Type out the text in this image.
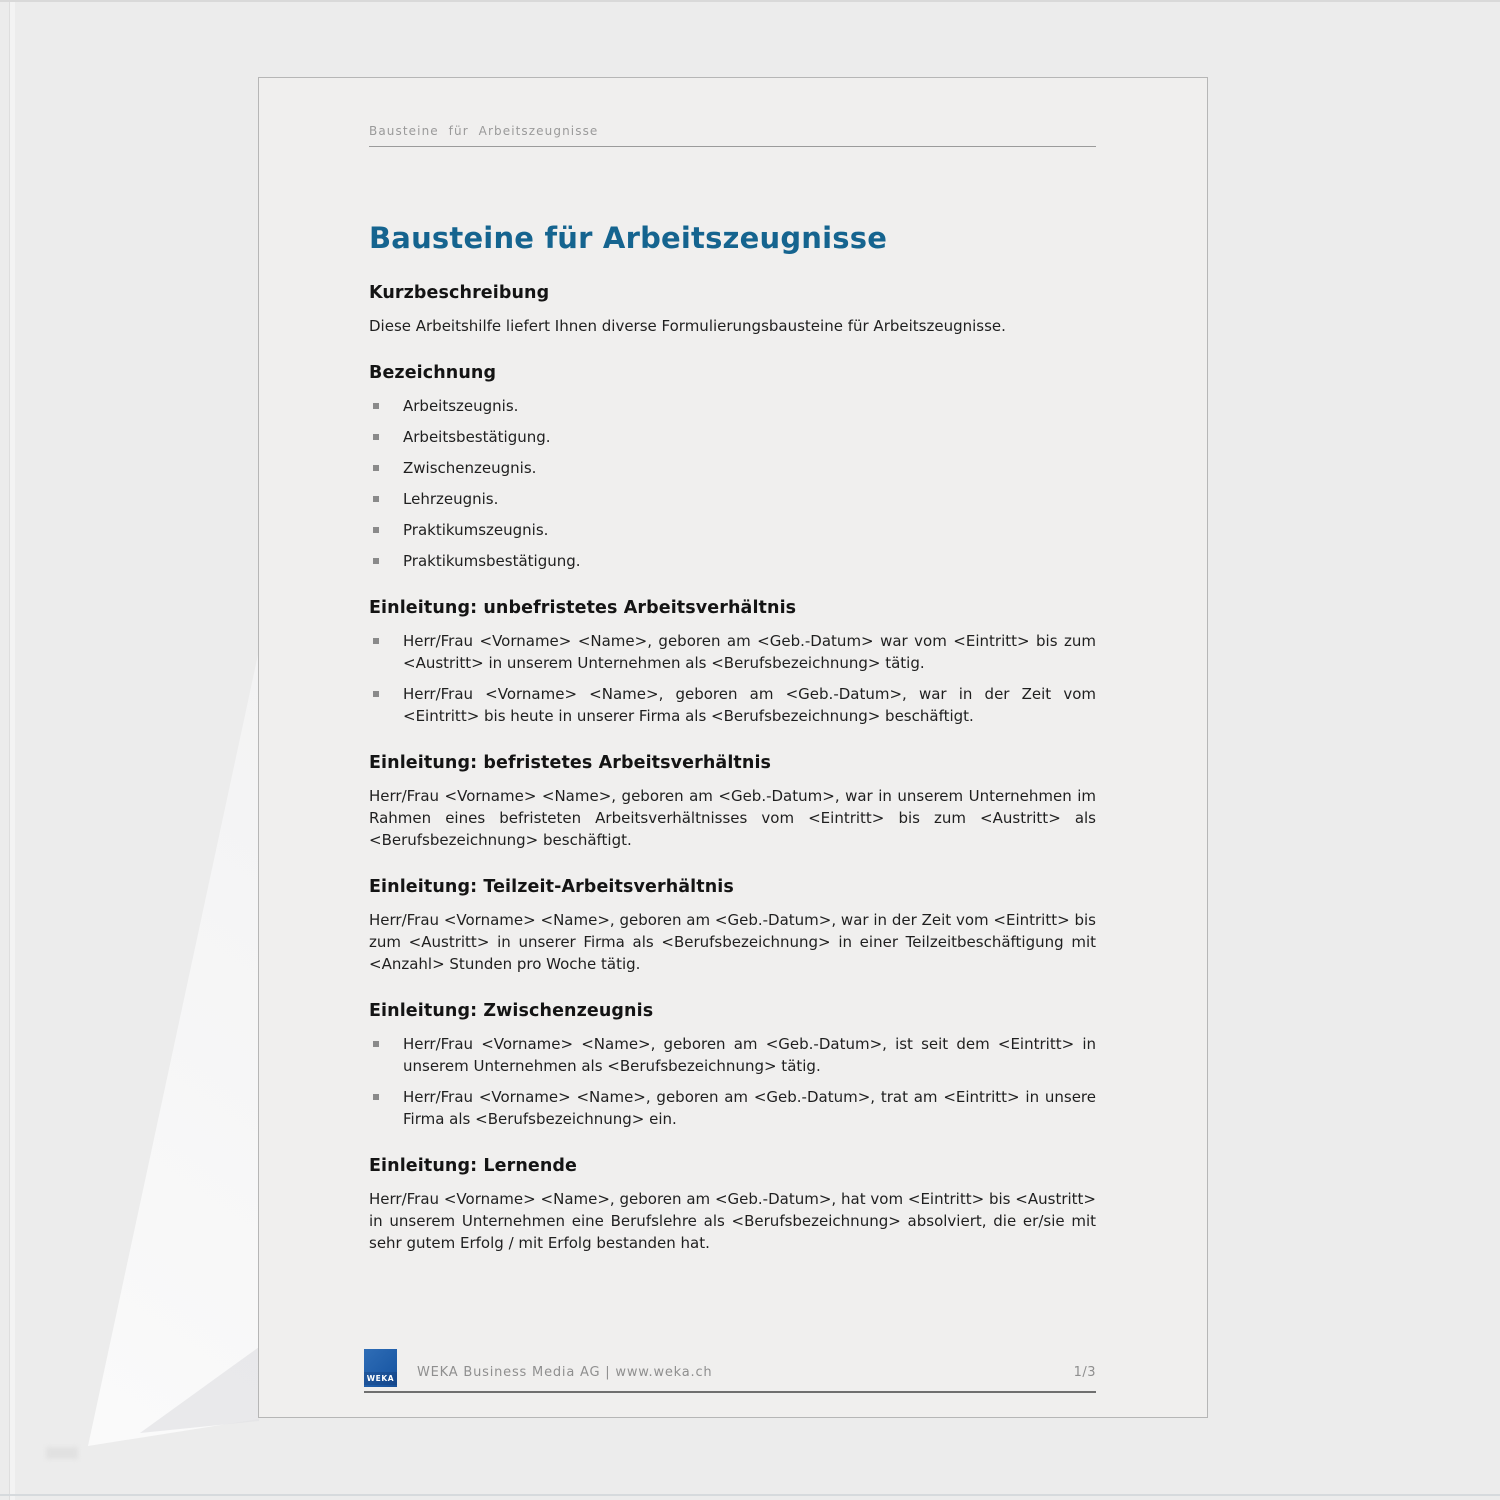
Bausteine für Arbeitszeugnisse
Bausteine für Arbeitszeugnisse
Kurzbeschreibung

Diese Arbeitshilfe liefert Ihnen diverse Formulierungsbausteine für Arbeitszeugnisse.

Bezeichnung
Arbeitszeugnis.
Arbeitsbestätigung.
Zwischenzeugnis.
Lehrzeugnis.
Praktikumszeugnis.
Praktikumsbestätigung.
Einleitung: unbefristetes Arbeitsverhältnis
Herr/Frau <Vorname> <Name>, geboren am <Geb.-Datum> war vom <Eintritt> bis zum <Austritt> in unserem Unternehmen als <Berufsbezeichnung> tätig.
Herr/Frau <Vorname> <Name>, geboren am <Geb.-Datum>, war in der Zeit vom <Eintritt> bis heute in unserer Firma als <Berufsbezeichnung> beschäftigt.
Einleitung: befristetes Arbeitsverhältnis

Herr/Frau <Vorname> <Name>, geboren am <Geb.-Datum>, war in unserem Unternehmen im Rahmen eines befristeten Arbeitsverhältnisses vom <Eintritt> bis zum <Austritt> als <Berufsbezeichnung> beschäftigt.

Einleitung: Teilzeit-Arbeitsverhältnis

Herr/Frau <Vorname> <Name>, geboren am <Geb.-Datum>, war in der Zeit vom <Eintritt> bis zum <Austritt> in unserer Firma als <Berufsbezeichnung> in einer Teilzeitbeschäftigung mit <Anzahl> Stunden pro Woche tätig.

Einleitung: Zwischenzeugnis
Herr/Frau <Vorname> <Name>, geboren am <Geb.-Datum>, ist seit dem <Eintritt> in unserem Unternehmen als <Berufsbezeichnung> tätig.
Herr/Frau <Vorname> <Name>, geboren am <Geb.-Datum>, trat am <Eintritt> in unsere Firma als <Berufsbezeichnung> ein.
Einleitung: Lernende

Herr/Frau <Vorname> <Name>, geboren am <Geb.-Datum>, hat vom <Eintritt> bis <Austritt> in unserem Unternehmen eine Berufslehre als <Berufsbezeichnung> absolviert, die er/sie mit sehr gutem Erfolg / mit Erfolg bestanden hat.

WEKA WEKA Business Media AG | www.weka.ch	1/3
